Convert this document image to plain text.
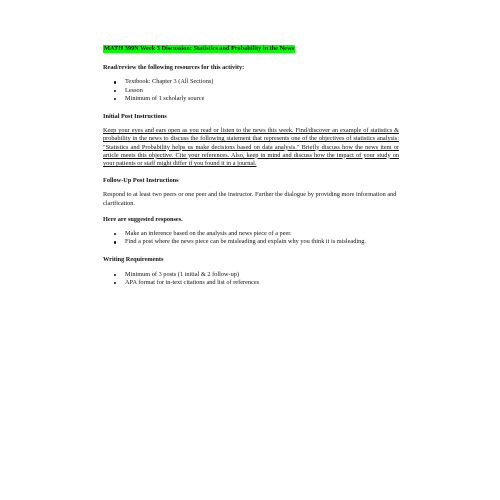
MATH 399N Week 3 Discussion: Statistics and Probability in the News
Read/review the following resources for this activity:
Textbook: Chapter 3 (All Sections)
Lesson
Minimum of 1 scholarly source
Initial Post Instructions
Keep your eyes and ears open as you read or listen to the news this week. Find/discover an example of statistics & probability in the news to discuss the following statement that represents one of the objectives of statistics analysis: "Statistics and Probability helps us make decisions based on data analysis." Briefly discuss how the news item or article meets this objective. Cite your references. Also, keep in mind and discuss how the impact of your study on your patients or staff might differ if you found it in a journal.
Follow-Up Post Instructions

Respond to at least two peers or one peer and the instructor. Further the dialogue by providing more information and clarification.

Here are suggested responses.
Make an inference based on the analysis and news piece of a peer.
Find a post where the news piece can be misleading and explain why you think it is misleading.
Writing Requirements
Minimum of 3 posts (1 initial & 2 follow-up)
APA format for in-text citations and list of references
